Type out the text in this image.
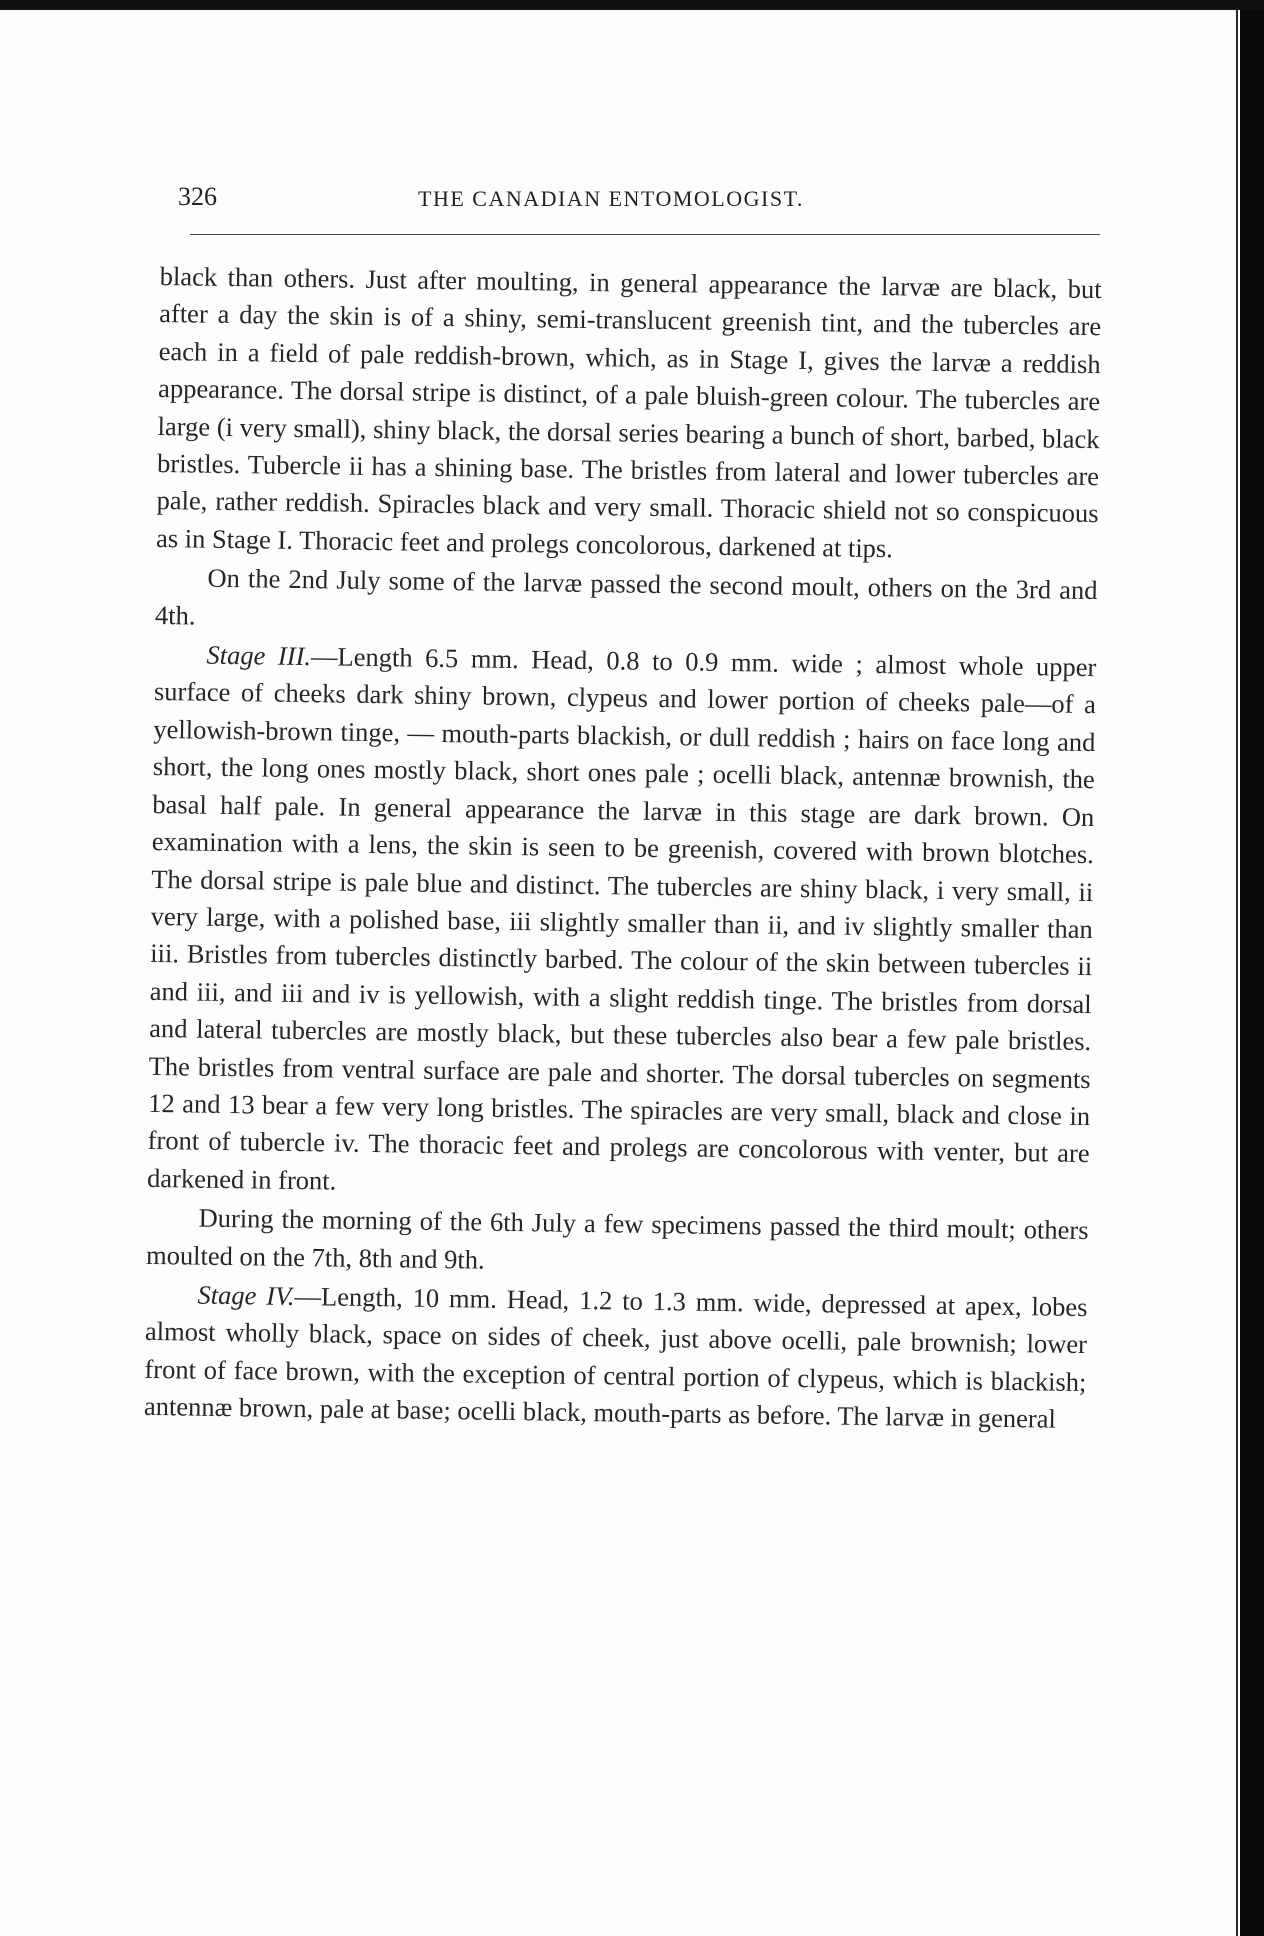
326	THE CANADIAN ENTOMOLOGIST.

black than others. Just after moulting, in general appearance the larvæ are black, but after a day the skin is of a shiny, semi-translucent greenish tint, and the tubercles are each in a field of pale reddish-brown, which, as in Stage I, gives the larvæ a reddish appearance. The dorsal stripe is distinct, of a pale bluish-green colour. The tubercles are large (i very small), shiny black, the dorsal series bearing a bunch of short, barbed, black bristles. Tubercle ii has a shining base. The bristles from lateral and lower tubercles are pale, rather reddish. Spiracles black and very small. Thoracic shield not so conspicuous as in Stage I. Thoracic feet and prolegs concolorous, darkened at tips.

On the 2nd July some of the larvæ passed the second moult, others on the 3rd and 4th.

Stage III.—Length 6.5 mm. Head, 0.8 to 0.9 mm. wide ; almost whole upper surface of cheeks dark shiny brown, clypeus and lower portion of cheeks pale—of a yellowish-brown tinge, — mouth-parts blackish, or dull reddish ; hairs on face long and short, the long ones mostly black, short ones pale ; ocelli black, antennæ brownish, the basal half pale. In general appearance the larvæ in this stage are dark brown. On examination with a lens, the skin is seen to be greenish, covered with brown blotches. The dorsal stripe is pale blue and distinct. The tubercles are shiny black, i very small, ii very large, with a polished base, iii slightly smaller than ii, and iv slightly smaller than iii. Bristles from tubercles distinctly barbed. The colour of the skin between tubercles ii and iii, and iii and iv is yellowish, with a slight reddish tinge. The bristles from dorsal and lateral tubercles are mostly black, but these tubercles also bear a few pale bristles. The bristles from ventral surface are pale and shorter. The dorsal tubercles on segments 12 and 13 bear a few very long bristles. The spiracles are very small, black and close in front of tubercle iv. The thoracic feet and prolegs are concolorous with venter, but are darkened in front.

During the morning of the 6th July a few specimens passed the third moult; others moulted on the 7th, 8th and 9th.

Stage IV.—Length, 10 mm. Head, 1.2 to 1.3 mm. wide, depressed at apex, lobes almost wholly black, space on sides of cheek, just above ocelli, pale brownish; lower front of face brown, with the exception of central portion of clypeus, which is blackish; antennæ brown, pale at base; ocelli black, mouth-parts as before. The larvæ in general
